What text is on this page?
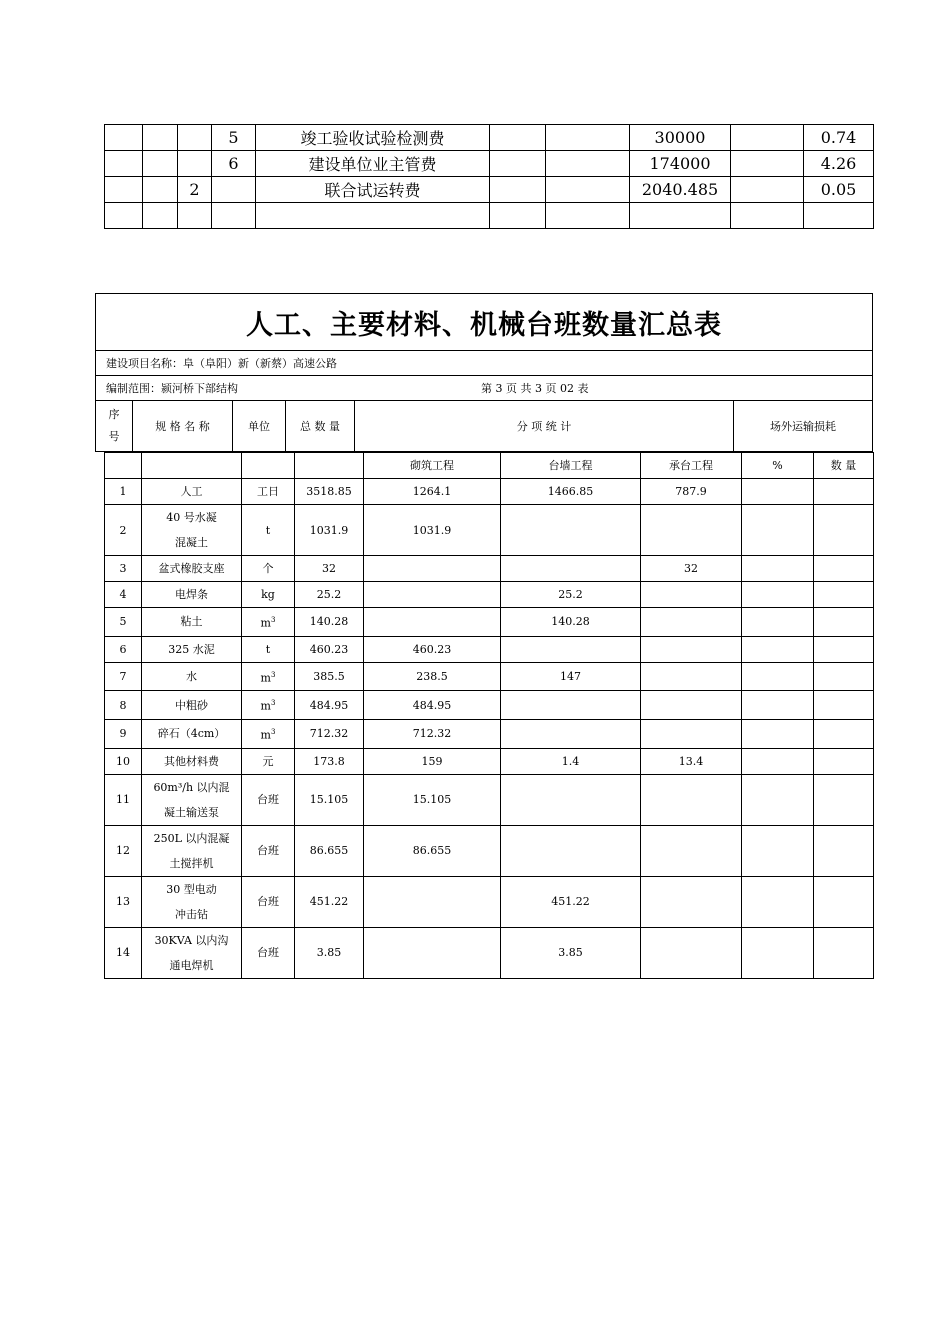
			5	竣工验收试验检测费			30000		0.74
			6	建设单位业主管费			174000		4.26
		2		联合试运转费			2040.485		0.05

人工、主要材料、机械台班数量汇总表
建设项目名称：阜（阜阳）新（新蔡）高速公路
编制范围：颍河桥下部结构	第 3 页 共 3 页 02 表
序
号
规 格 名 称	单位	总 数 量	分 项 统 计	场外运输损耗
				砌筑工程	台墙工程	承台工程	%	数 量
1	人工	工日	3518.85	1264.1	1466.85	787.9		
2	40 号水凝
混凝土	t	1031.9	1031.9				
3	盆式橡胶支座	个	32			32		
4	电焊条	kg	25.2		25.2			
5	粘土	$m^3$	140.28		140.28			
6	325 水泥	t	460.23	460.23				
7	水	$m^3$	385.5	238.5	147			
8	中粗砂	$m^3$	484.95	484.95				
9	碎石（4cm）	$m^3$	712.32	712.32				
10	其他材料费	元	173.8	159	1.4	13.4		
11	60m³/h 以内混
凝土输送泵	台班	15.105	15.105				
12	250L 以内混凝
土搅拌机	台班	86.655	86.655				
13	30 型电动
冲击钻	台班	451.22		451.22			
14	30KVA 以内沟
通电焊机	台班	3.85		3.85			
